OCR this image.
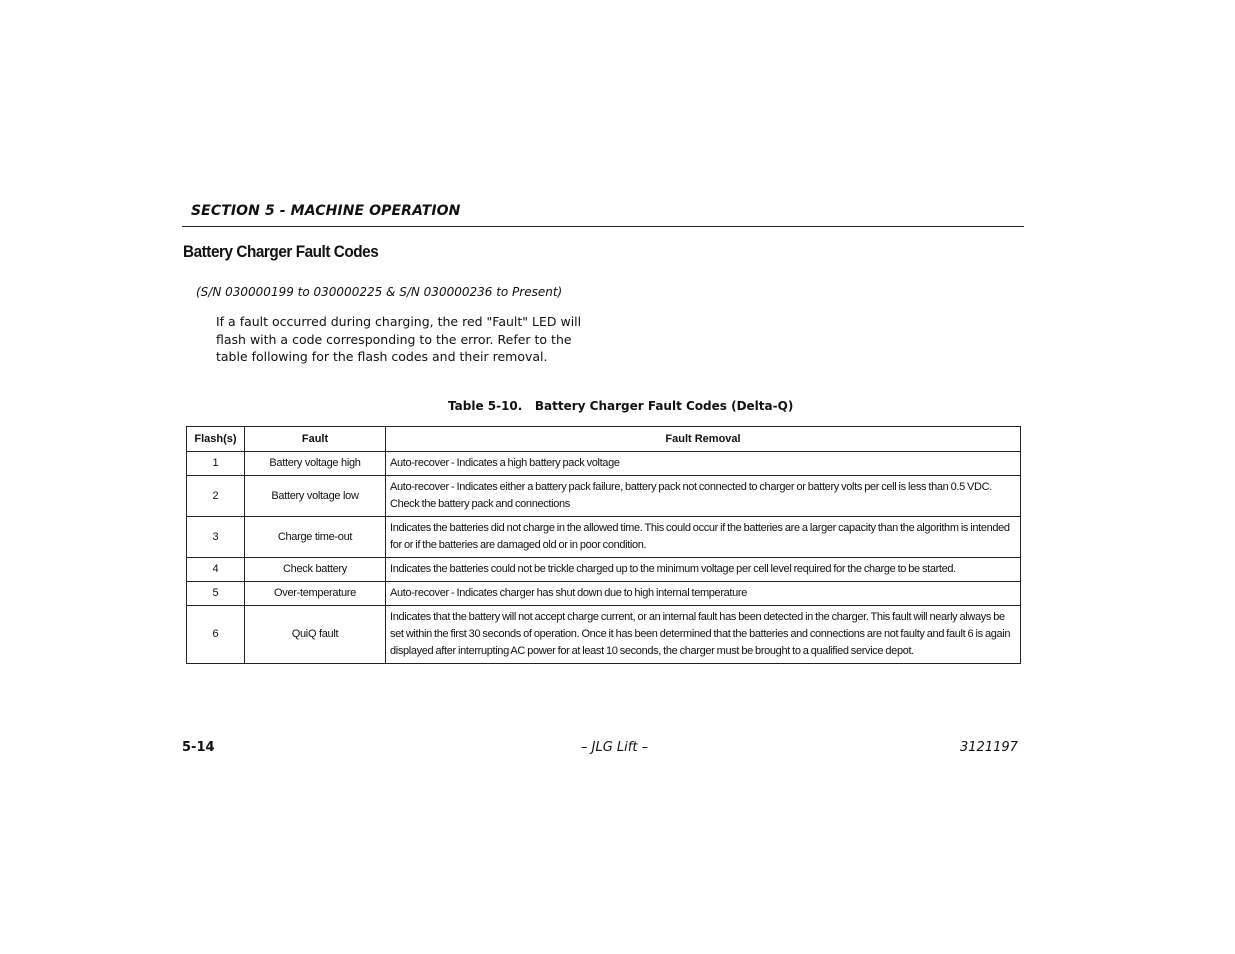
SECTION 5 - MACHINE OPERATION
Battery Charger Fault Codes
(S/N 030000199 to 030000225 & S/N 030000236 to Present)
If a fault occurred during charging, the red "Fault" LED will flash with a code corresponding to the error. Refer to the table following for the flash codes and their removal.
Table 5-10.   Battery Charger Fault Codes (Delta-Q)
Flash(s)	Fault	Fault Removal
1	Battery voltage high	Auto-recover - Indicates a high battery pack voltage
2	Battery voltage low	Auto-recover - Indicates either a battery pack failure, battery pack not connected to charger or battery volts per cell is less than 0.5 VDC. Check the battery pack and connections
3	Charge time-out	Indicates the batteries did not charge in the allowed time. This could occur if the batteries are a larger capacity than the algorithm is intended for or if the batteries are damaged old or in poor condition.
4	Check battery	Indicates the batteries could not be trickle charged up to the minimum voltage per cell level required for the charge to be started.
5	Over-temperature	Auto-recover - Indicates charger has shut down due to high internal temperature
6	QuiQ fault	Indicates that the battery will not accept charge current, or an internal fault has been detected in the charger. This fault will nearly always be set within the first 30 seconds of operation. Once it has been determined that the batteries and connections are not faulty and fault 6 is again displayed after interrupting AC power for at least 10 seconds, the charger must be brought to a qualified service depot.
5-14	– JLG Lift –	3121197
